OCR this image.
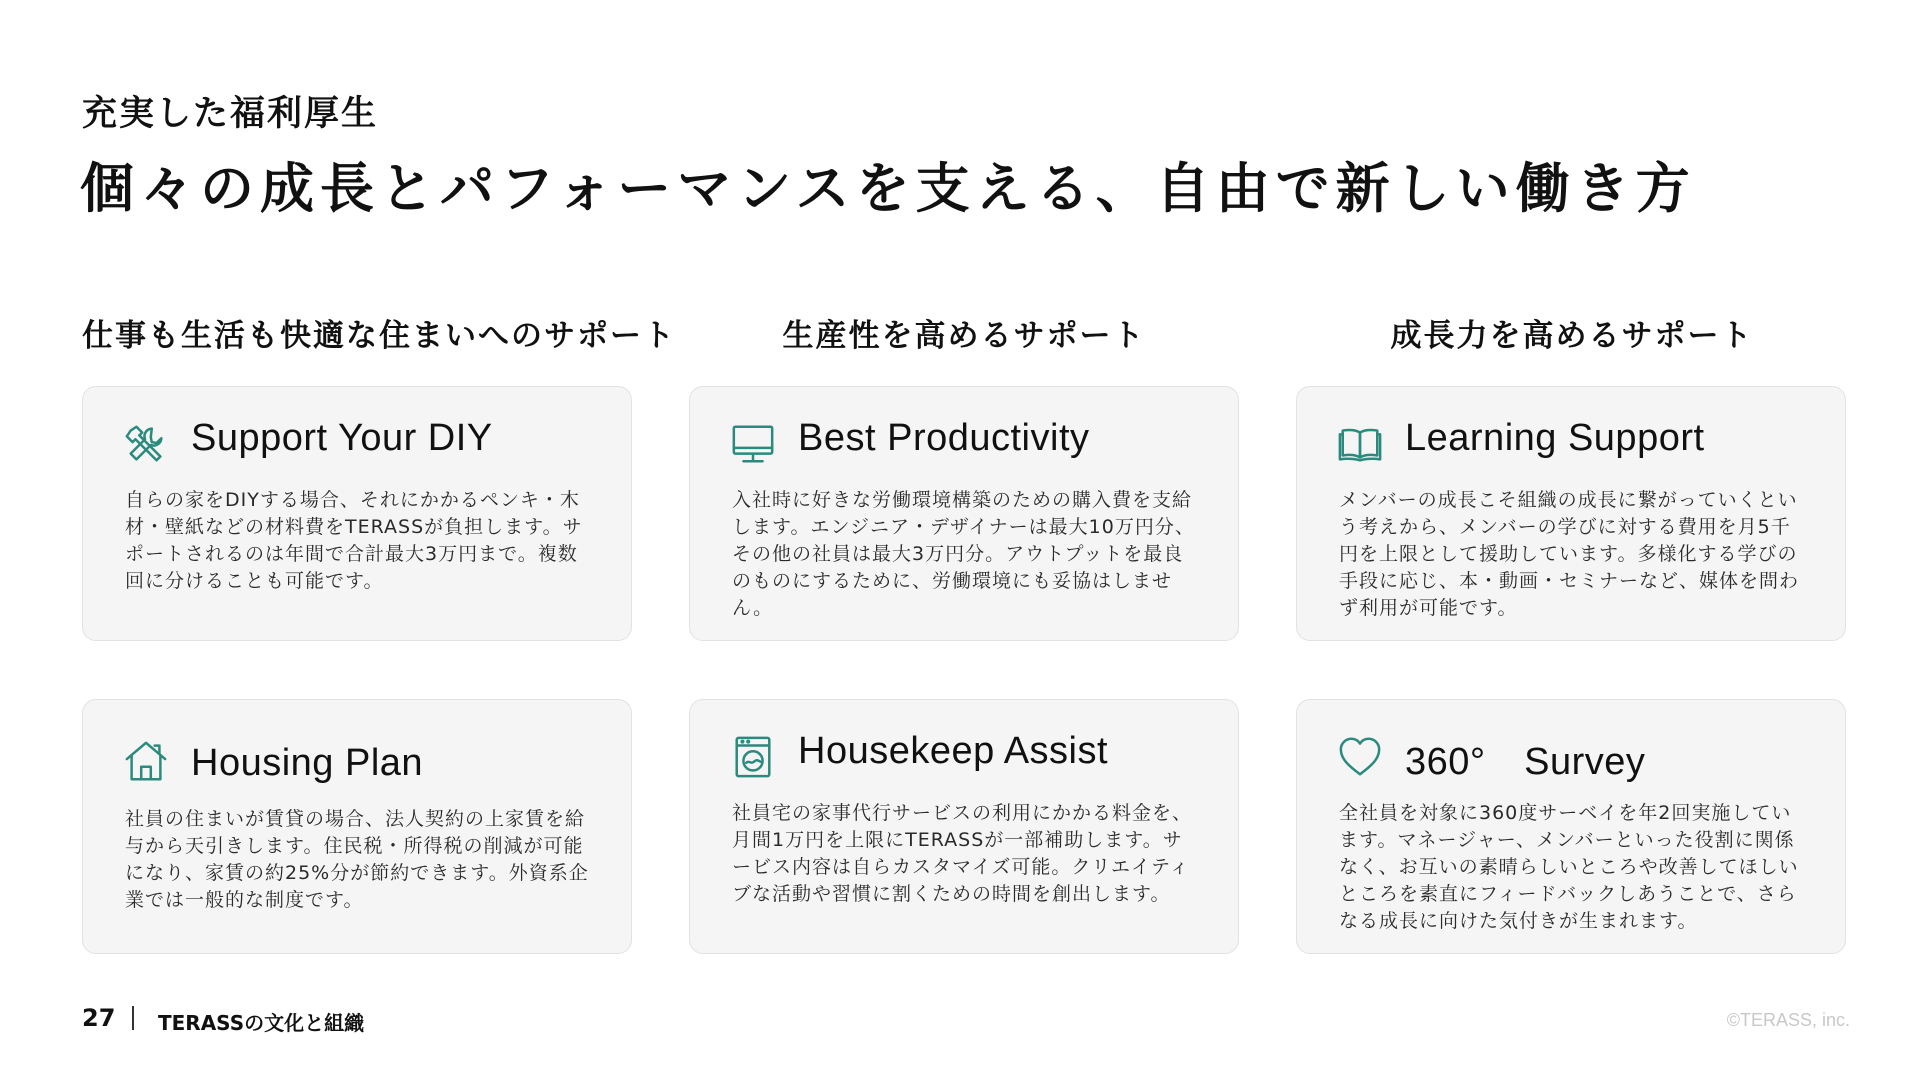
充実した福利厚生
個々の成長とパフォーマンスを支える、自由で新しい働き方
仕事も生活も快適な住まいへのサポート	生産性を高めるサポート	成長力を高めるサポート
Support Your DIY
自らの家をDIYする場合、それにかかるペンキ・木材・壁紙などの材料費をTERASSが負担します。サポートされるのは年間で合計最大3万円まで。複数回に分けることも可能です。
Best Productivity
入社時に好きな労働環境構築のための購入費を支給します。エンジニア・デザイナーは最大10万円分、その他の社員は最大3万円分。アウトプットを最良のものにするために、労働環境にも妥協はしません。
Learning Support
メンバーの成長こそ組織の成長に繋がっていくという考えから、メンバーの学びに対する費用を月5千円を上限として援助しています。多様化する学びの手段に応じ、本・動画・セミナーなど、媒体を問わず利用が可能です。
Housing Plan
社員の住まいが賃貸の場合、法人契約の上家賃を給与から天引きします。住民税・所得税の削減が可能になり、家賃の約25%分が節約できます。外資系企業では一般的な制度です。
Housekeep Assist
社員宅の家事代行サービスの利用にかかる料金を、月間1万円を上限にTERASSが一部補助します。サービス内容は自らカスタマイズ可能。クリエイティブな活動や習慣に割くための時間を創出します。
360°　Survey
全社員を対象に360度サーベイを年2回実施しています。マネージャー、メンバーといった役割に関係なく、お互いの素晴らしいところや改善してほしいところを素直にフィードバックしあうことで、さらなる成長に向けた気付きが生まれます。
27 TERASSの文化と組織	©TERASS, inc.
